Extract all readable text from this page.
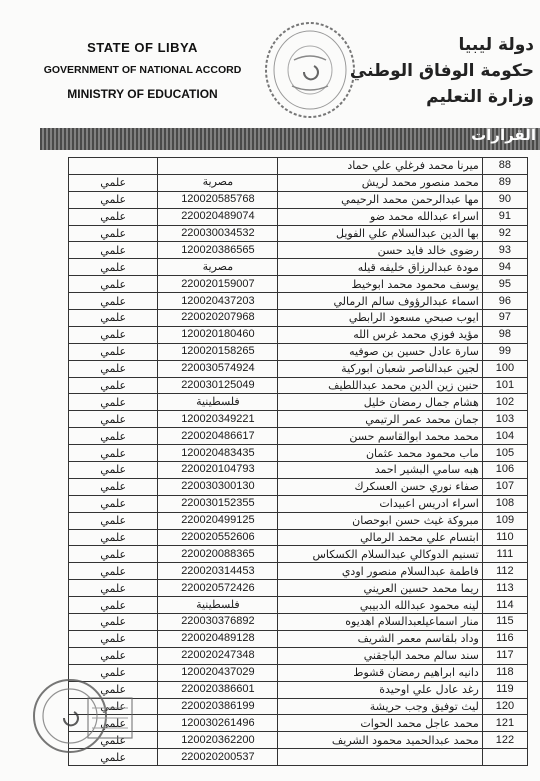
STATE OF LIBYA
GOVERNMENT OF NATIONAL ACCORD
MINISTRY OF EDUCATION
دولة ليبيا
حكومة الوفاق الوطني
وزارة التعليم
القرارات
		ميرنا محمد فرغلي علي حماد	88
علمي	مصرية	محمد منصور محمد لريش	89
علمي	120020585768	مها عبدالرحمن محمد الرحيمي	90
علمي	220020489074	اسراء عبدالله محمد ضو	91
علمي	220030034532	بها الدين عبدالسلام علي الفويل	92
علمي	120020386565	رضوى خالد فايد حسن	93
علمي	مصرية	مودة عبدالرزاق خليفه قيله	94
علمي	220020159007	يوسف محمود محمد ابوخيط	95
علمي	120020437203	اسماء عبدالرؤوف سالم الرمالي	96
علمي	220020207968	ايوب صبحي مسعود الرابطي	97
علمي	120020180460	مؤيد فوزي محمد غرس الله	98
علمي	120020158265	سارة عادل حسين بن صوفيه	99
علمي	220030574924	لجين عبدالناصر شعبان ابوركية	100
علمي	220030125049	حنين زين الدين محمد عبداللطيف	101
علمي	فلسطينية	هشام جمال رمضان خليل	102
علمي	120020349221	جمان محمد عمر الرتيمي	103
علمي	220020486617	محمد محمد ابوالقاسم حسن	104
علمي	120020483435	ماب محمود محمد عثمان	105
علمي	220020104793	هبه سامي البشير احمد	106
علمي	220030300130	صفاء نوري حسن العسكرك	107
علمي	220030152355	اسراء ادريس اعبيدات	108
علمي	220020499125	مبروكة غيث حسن ابوحصان	109
علمي	220020552606	ابتسام علي محمد الرمالي	110
علمي	220020088365	تسنيم الدوكالي عبدالسلام الكسكاس	111
علمي	220020314453	فاطمة عبدالسلام منصور اودي	112
علمي	220020572426	ريما محمد حسين العريني	113
علمي	فلسطينية	لينه محمود عبدالله الدبيبي	114
علمي	220030376892	منار اسماعيلعبدالسلام اهديوه	115
علمي	220020489128	وداد بلقاسم معمر الشريف	116
علمي	220020247348	سند سالم محمد الباجقني	117
علمي	120020437029	دانيه ابراهيم رمضان قشوط	118
علمي	220020386601	رغد عادل علي اوحيدة	119
علمي	220020386199	ليث توفيق وجب حريشة	120
علمي	120030261496	محمد عاجل محمد الحوات	121
علمي	120020362200	محمد عبدالحميد محمود الشريف	122
علمي	220020200537		
